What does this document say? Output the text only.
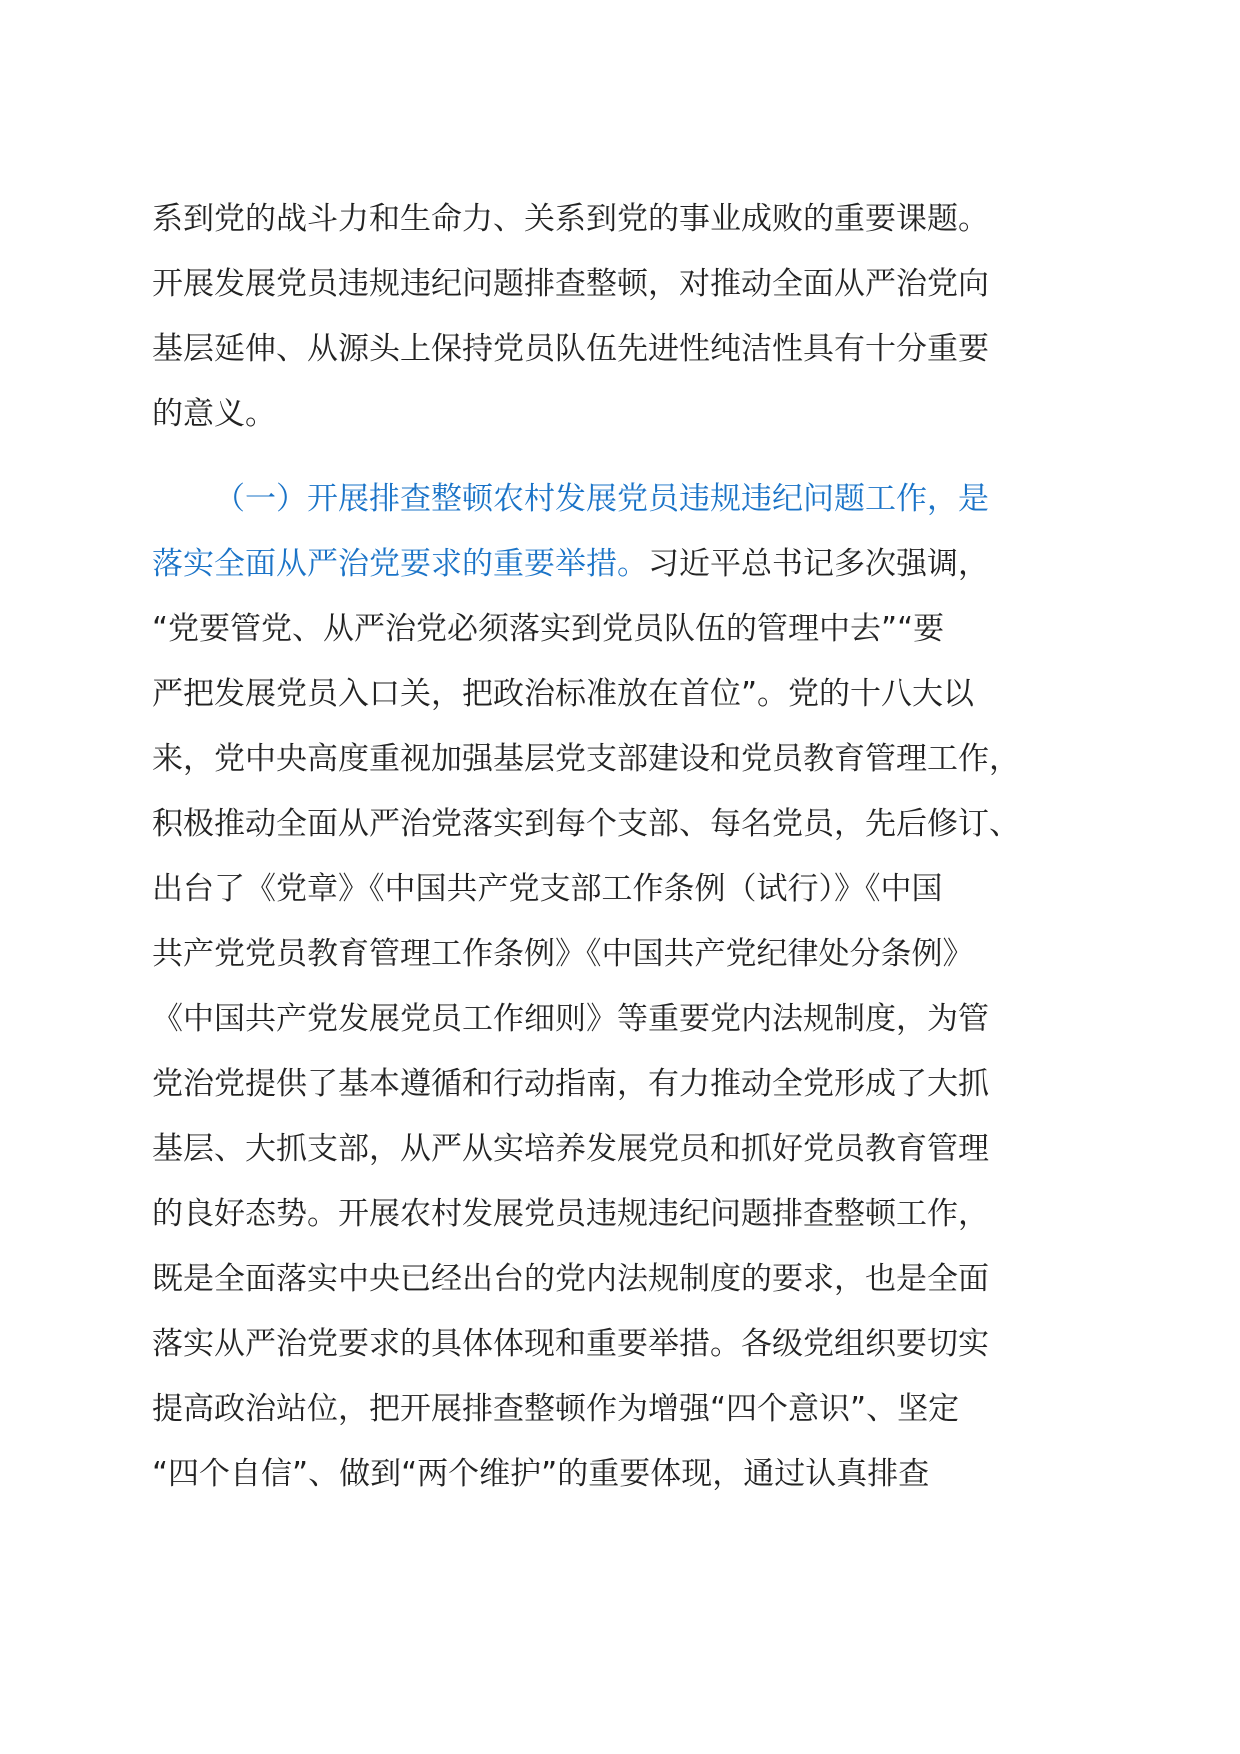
系到党的战斗力和生命力、关系到党的事业成败的重要课题。
开展发展党员违规违纪问题排查整顿，对推动全面从严治党向
基层延伸、从源头上保持党员队伍先进性纯洁性具有十分重要
的意义。
（一）开展排查整顿农村发展党员违规违纪问题工作，是
落实全面从严治党要求的重要举措。习近平总书记多次强调，
“党要管党、从严治党必须落实到党员队伍的管理中去”“要
严把发展党员入口关，把政治标准放在首位”。党的十八大以
来，党中央高度重视加强基层党支部建设和党员教育管理工作，
积极推动全面从严治党落实到每个支部、每名党员，先后修订、
出台了《党章》《中国共产党支部工作条例（试行）》《中国
共产党党员教育管理工作条例》《中国共产党纪律处分条例》
《中国共产党发展党员工作细则》等重要党内法规制度，为管
党治党提供了基本遵循和行动指南，有力推动全党形成了大抓
基层、大抓支部，从严从实培养发展党员和抓好党员教育管理
的良好态势。开展农村发展党员违规违纪问题排查整顿工作，
既是全面落实中央已经出台的党内法规制度的要求，也是全面
落实从严治党要求的具体体现和重要举措。各级党组织要切实
提高政治站位，把开展排查整顿作为增强“四个意识”、坚定
“四个自信”、做到“两个维护”的重要体现，通过认真排查
